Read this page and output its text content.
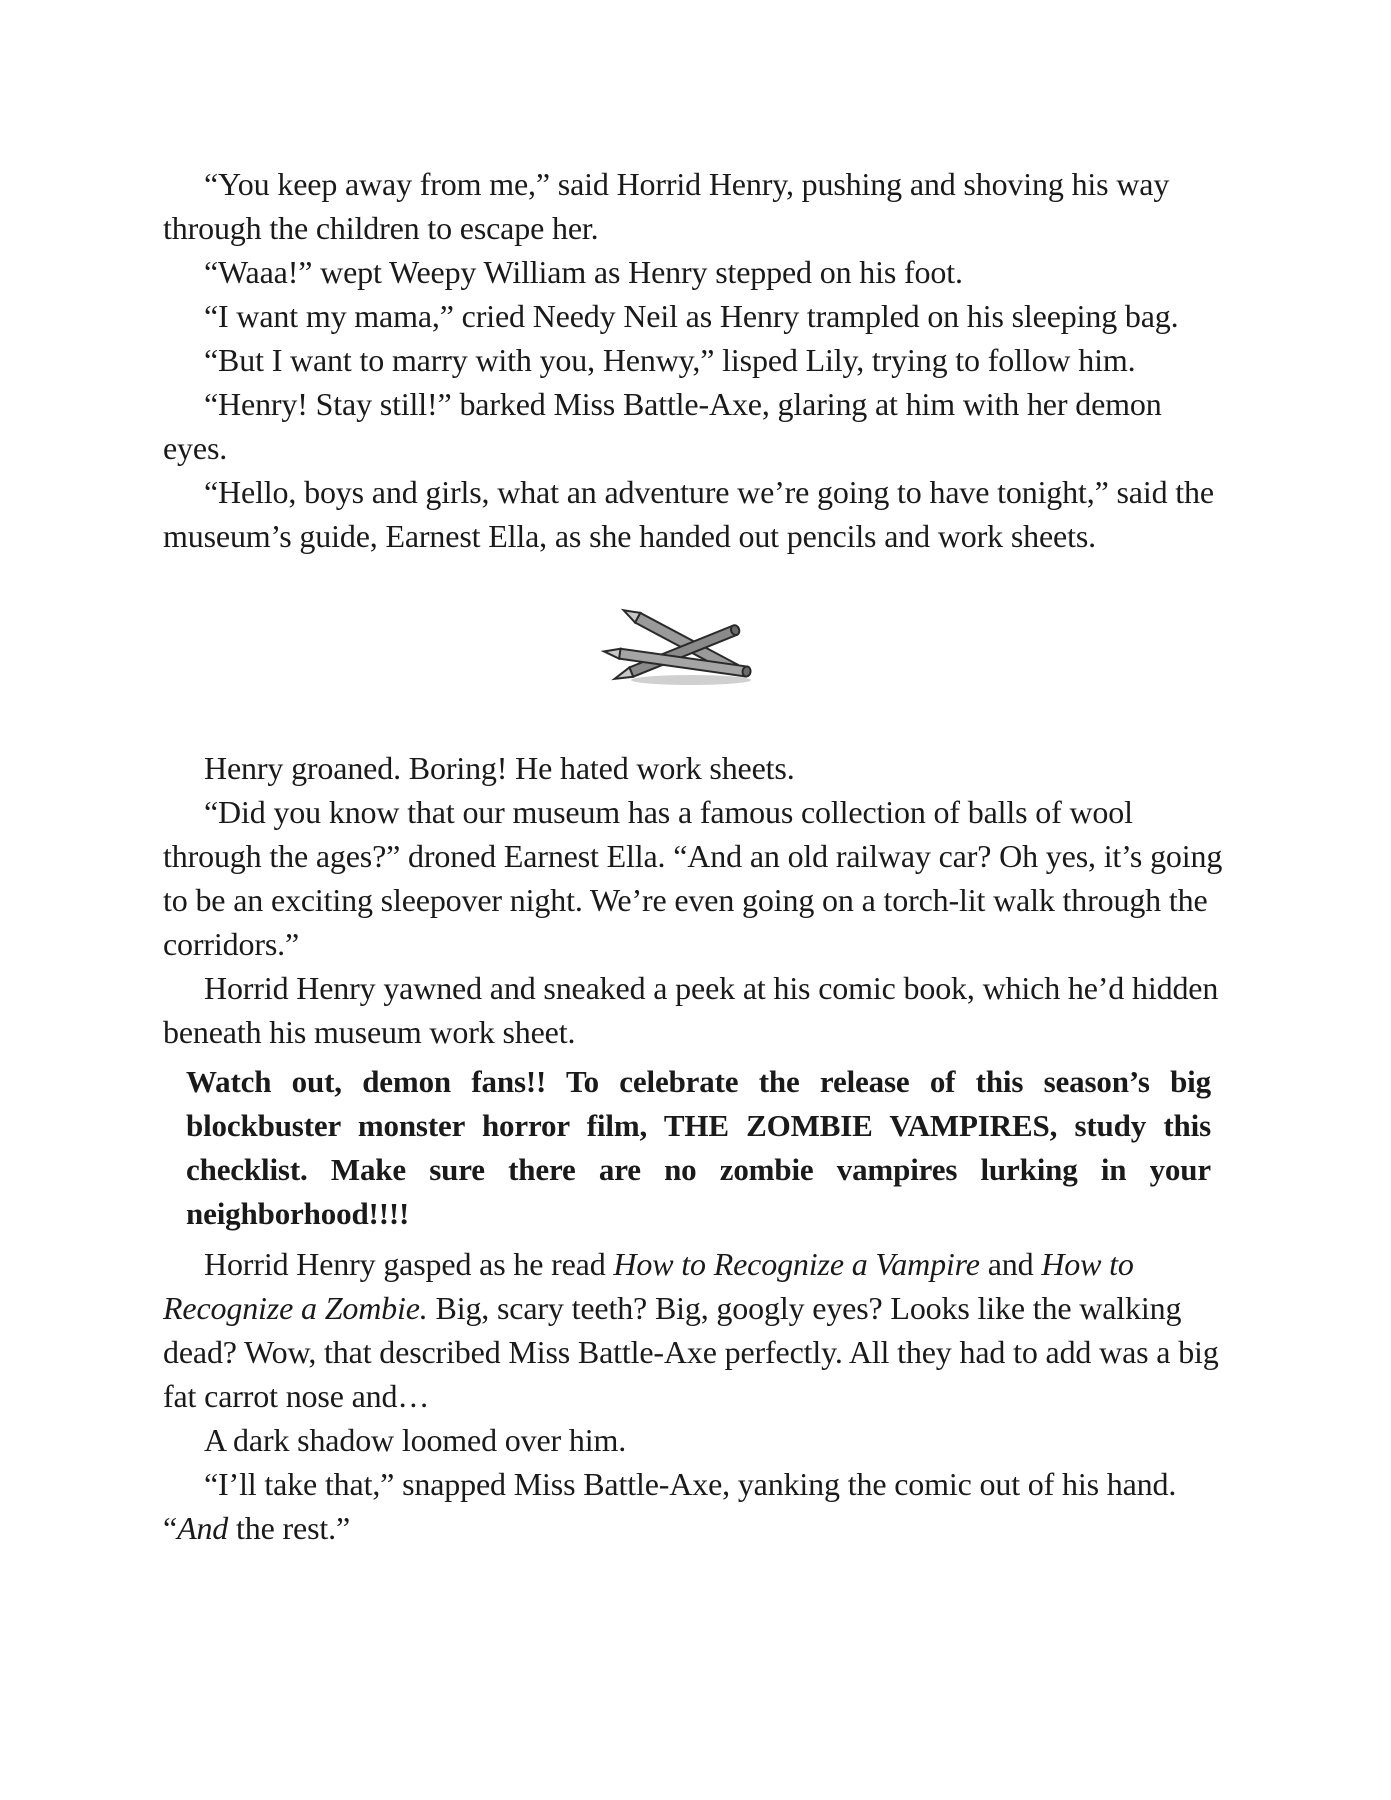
“You keep away from me,” said Horrid Henry, pushing and shoving his way through the children to escape her.

“Waaa!” wept Weepy William as Henry stepped on his foot.

“I want my mama,” cried Needy Neil as Henry trampled on his sleeping bag.

“But I want to marry with you, Henwy,” lisped Lily, trying to follow him.

“Henry! Stay still!” barked Miss Battle-Axe, glaring at him with her demon eyes.

“Hello, boys and girls, what an adventure we’re going to have tonight,” said the museum’s guide, Earnest Ella, as she handed out pencils and work sheets.

Henry groaned. Boring! He hated work sheets.

“Did you know that our museum has a famous collection of balls of wool through the ages?” droned Earnest Ella. “And an old railway car? Oh yes, it’s going to be an exciting sleepover night. We’re even going on a torch-lit walk through the corridors.”

Horrid Henry yawned and sneaked a peek at his comic book, which he’d hidden beneath his museum work sheet.

Watch out, demon fans!! To celebrate the release of this season’s big blockbuster monster horror film, THE ZOMBIE VAMPIRES, study this checklist. Make sure there are no zombie vampires lurking in your neighborhood!!!!

Horrid Henry gasped as he read How to Recognize a Vampire and How to Recognize a Zombie. Big, scary teeth? Big, googly eyes? Looks like the walking dead? Wow, that described Miss Battle-Axe perfectly. All they had to add was a big fat carrot nose and…

A dark shadow loomed over him.

“I’ll take that,” snapped Miss Battle-Axe, yanking the comic out of his hand. “And the rest.”
